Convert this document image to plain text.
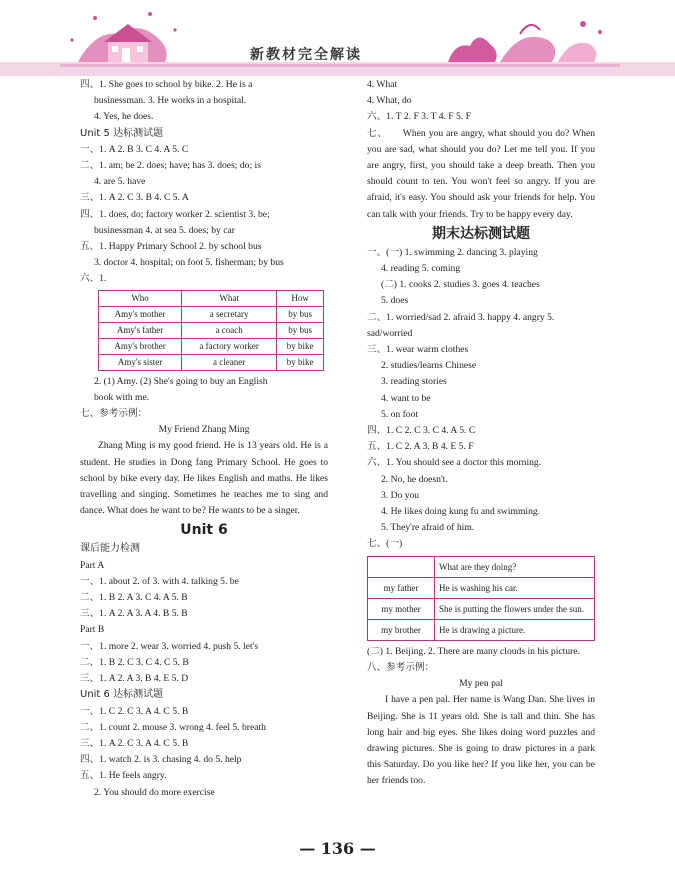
新教材完全解读
四、1. She goes to school by bike. 2. He is a
businessman. 3. He works in a hospital.
4. Yes, he does.
Unit 5 达标测试题
一、1. A 2. B 3. C 4. A 5. C
二、1. am; be 2. does; have; has 3. does; do; is
4. are 5. have
三、1. A 2. C 3. B 4. C 5. A
四、1. does, do; factory worker 2. scientist 3. be;
businessman 4. at sea 5. does; by car
五、1. Happy Primary School 2. by school bus
3. doctor 4. hospital; on foot 5. fisherman; by bus
六、1.
Who	What	How
Amy's mother	a secretary	by bus
Amy's father	a coach	by bus
Amy's brother	a factory worker	by bike
Amy's sister	a cleaner	by bike
2. (1) Amy. (2) She's going to buy an English
book with me.
七、参考示例：
My Friend Zhang Ming
Zhang Ming is my good friend. He is 13 years old. He is a student. He studies in Dong fang Primary School. He goes to school by bike every day. He likes English and maths. He likes travelling and singing. Sometimes he teaches me to sing and dance. What does he want to be? He wants to be a singer.
Unit 6
课后能力检测
Part A
一、1. about 2. of 3. with 4. talking 5. be
二、1. B 2. A 3. C 4. A 5. B
三、1. A 2. A 3. A 4. B 5. B
Part B
一、1. more 2. wear 3. worried 4. push 5. let's
二、1. B 2. C 3. C 4. C 5. B
三、1. A 2. A 3. B 4. E 5. D
Unit 6 达标测试题
一、1. C 2. C 3. A 4. C 5. B
二、1. count 2. mouse 3. wrong 4. feel 5. breath
三、1. A 2. C 3. A 4. C 5. B
四、1. watch 2. is 3. chasing 4. do 5. help
五、1. He feels angry.
2. You should do more exercise
4. What
4. What, do
六、1. T 2. F 3. T 4. F 5. F
七、 When you are angry, what should you do? When you are sad, what should you do? Let me tell you. If you are angry, first, you should take a deep breath. Then you should count to ten. You won't feel so angry. If you are afraid, it's easy. You should ask your friends for help. You can talk with your friends. Try to be happy every day.
期末达标测试题
一、(一) 1. swimming 2. dancing 3. playing
4. reading 5. coming
(二) 1. cooks 2. studies 3. goes 4. teaches
5. does
二、1. worried/sad 2. afraid 3. happy 4. angry 5.
sad/worried
三、1. wear warm clothes
2. studies/learns Chinese
3. reading stories
4. want to be
5. on foot
四、1. C 2. C 3. C 4. A 5. C
五、1. C 2. A 3. B 4. E 5. F
六、1. You should see a doctor this morning.
2. No, he doesn't.
3. Do you
4. He likes doing kung fu and swimming.
5. They're afraid of him.
七、(一)
	What are they doing?
my father	He is washing his car.
my mother	She is putting the flowers under the sun.
my brother	He is drawing a picture.
(二) 1. Beijing. 2. There are many clouds in his picture.
八、参考示例：
My pen pal
I have a pen pal. Her name is Wang Dan. She lives in Beijing. She is 11 years old. She is tall and thin. She has long hair and big eyes. She likes doing word puzzles and drawing pictures. She is going to draw pictures in a park this Saturday. Do you like her? If you like her, you can be her friends too.
— 136 —
